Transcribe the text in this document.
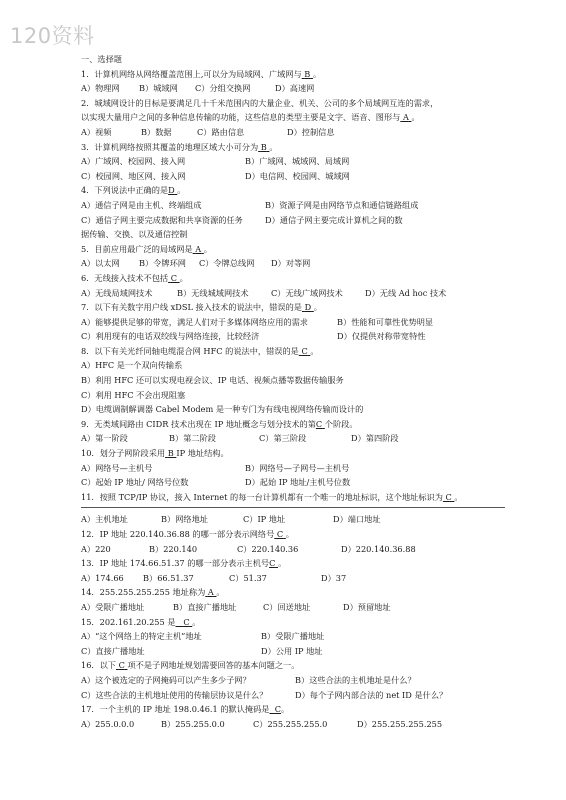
120资料
一、选择题
1．计算机网络从网络覆盖范围上,可以分为局域网、广域网与 B 。
A）物理网	B）城域网	C）分组交换网	D）高速网
2．城域网设计的目标是要满足几十千米范围内的大量企业、机关、公司的多个局域网互连的需求，
以实现大量用户之间的多种信息传输的功能，这些信息的类型主要是文字、语音、图形与 A 。
A）视频	B）数据	C）路由信息	D）控制信息
3．计算机网络按照其覆盖的地理区域大小可分为 B 。
A）广域网、校园网、接入网	B）广域网、城域网、局域网
C）校园网、地区网、接入网	D）电信网、校园网、城域网
4．下列说法中正确的是D 。
A）通信子网是由主机、终端组成	B）资源子网是由网络节点和通信链路组成
C）通信子网主要完成数据和共享资源的任务	D）通信子网主要完成计算机之间的数
据传输、交换、以及通信控制
5．目前应用最广泛的局域网是 A 。
A）以太网	B）令牌环网	C）令牌总线网	D）对等网
6．无线接入技术不包括 C 。
A）无线局域网技术	B）无线城域网技术	C）无线广域网技术	D）无线 Ad hoc 技术
7．以下有关数字用户线 xDSL 接入技术的说法中，错误的是 D 。
A）能够提供足够的带宽，满足人们对于多媒体网络应用的需求	B）性能和可靠性优势明显
C）利用现有的电话双绞线与网络连接，比较经济	D）仅提供对称带宽特性
8．以下有关光纤同轴电缆混合网 HFC 的说法中，错误的是 C 。
A）HFC 是一个双向传输系
B）利用 HFC 还可以实现电视会议、IP 电话、视频点播等数据传输服务
C）利用 HFC 不会出现阻塞
D）电缆调制解调器 Cabel Modem 是一种专门为有线电视网络传输而设计的
9．无类域间路由 CIDR 技术出现在 IP 地址概念与划分技术的第C 个阶段。
A）第一阶段	B）第二阶段	C）第三阶段	D）第四阶段
10．划分子网阶段采用 B IP 地址结构。
A）网络号—主机号	B）网络号—子网号—主机号
C）起始 IP 地址/ 网络号位数	D）起始 IP 地址/主机号位数
11．按照 TCP/IP 协议，接入 Internet 的每一台计算机都有一个唯一的地址标识，这个地址标识为 C 。
A）主机地址	B）网络地址	C）IP 地址	D）端口地址
12．IP 地址 220.140.36.88 的哪一部分表示网络号 C 。
A）220	B）220.140	C）220.140.36	D）220.140.36.88
13．IP 地址 174.66.51.37 的哪一部分表示主机号C 。
A）174.66	B）66.51.37	C）51.37	D）37
14．255.255.255.255 地址称为 A 。
A）受限广播地址	B）直接广播地址	C）回送地址	D）预留地址
15．202.161.20.255 是 C 。
A）“这个网络上的特定主机”地址	B）受限广播地址
C）直接广播地址	D）公用 IP 地址
16．以下 C 项不是子网地址规划需要回答的基本问题之一。
A）这个被选定的子网掩码可以产生多少子网？	B）这些合法的主机地址是什么？
C）这些合法的主机地址使用的传输层协议是什么？	D）每个子网内部合法的 net ID 是什么？
17．一个主机的 IP 地址 198.0.46.1 的默认掩码是 C。
A）255.0.0.0	B）255.255.0.0	C）255.255.255.0	D）255.255.255.255
